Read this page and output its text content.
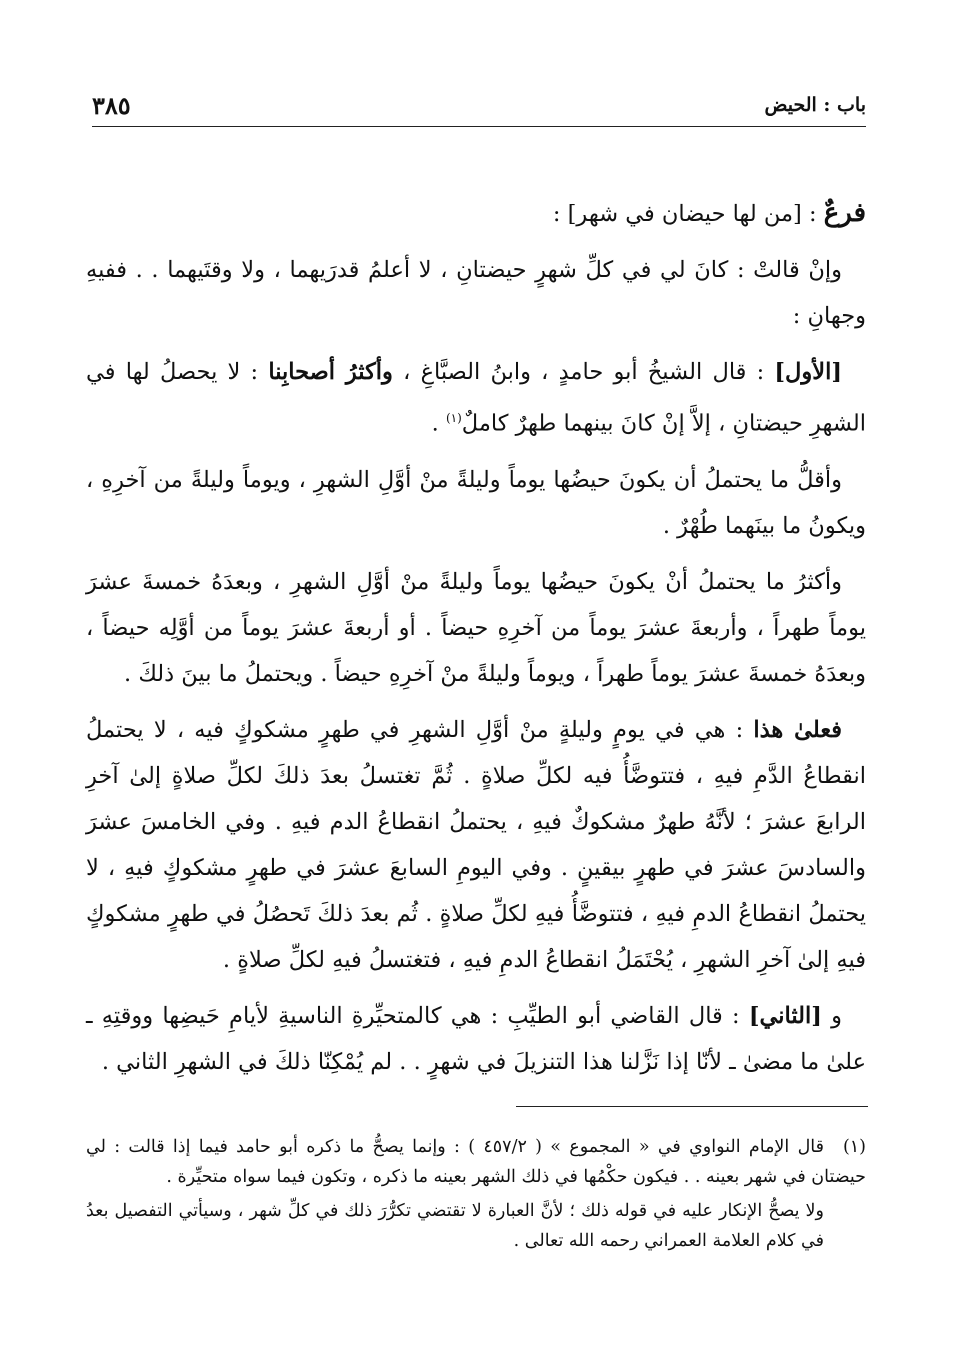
باب : الحيض
٣٨٥

فرعٌ : [من لها حيضان في شهر] :

وإنْ قالتْ : كانَ لي في كلِّ شهرٍ حيضتانِ ، لا أعلمُ قدرَيهما ، ولا وقتَيهما . . ففيهِ وجهانِ :

[الأول] : قال الشيخُ أبو حامدٍ ، وابنُ الصبَّاغِ ، وأكثرُ أصحابِنا : لا يحصلُ لها في الشهرِ حيضتانِ ، إلاَّ إنْ كانَ بينهما طهرٌ كاملٌ$^{(١)}$ .

وأقلُّ ما يحتملُ أن يكونَ حيضُها يوماً وليلةً منْ أوَّلِ الشهرِ ، ويوماً وليلةً من آخرِهِ ، ويكونُ ما بينَهما طُهْرٌ .

وأكثرُ ما يحتملُ أنْ يكونَ حيضُها يوماً وليلةً منْ أوَّلِ الشهرِ ، وبعدَهُ خمسةَ عشرَ يوماً طهراً ، وأربعةَ عشرَ يوماً من آخرِهِ حيضاً . أو أربعةَ عشرَ يوماً من أوَّلِه حيضاً ، وبعدَهُ خمسةَ عشرَ يوماً طهراً ، ويوماً وليلةً منْ آخرِهِ حيضاً . ويحتملُ ما بينَ ذلكَ .

فعلىٰ هذا : هي في يومٍ وليلةٍ منْ أوَّلِ الشهرِ في طهرٍ مشكوكٍ فيه ، لا يحتملُ انقطاعُ الدَّمِ فيهِ ، فتتوضَّأُ فيه لكلِّ صلاةٍ . ثُمَّ تغتسلُ بعدَ ذلكَ لكلِّ صلاةٍ إلىٰ آخرِ الرابعَ عشرَ ؛ لأنَّهُ طهرٌ مشكوكٌ فيهِ ، يحتملُ انقطاعُ الدم فيهِ . وفي الخامسَ عشرَ والسادسَ عشرَ في طهرٍ بيقينٍ . وفي اليومِ السابعَ عشرَ في طهرٍ مشكوكٍ فيهِ ، لا يحتملُ انقطاعُ الدمِ فيهِ ، فتتوضَّأُ فيهِ لكلِّ صلاةٍ . ثُم بعدَ ذلكَ تَحصُلُ في طهرٍ مشكوكٍ فيهِ إلىٰ آخرِ الشهرِ ، يُحْتَمَلُ انقطاعُ الدمِ فيهِ ، فتغتسلُ فيهِ لكلِّ صلاةٍ .

و [الثاني] : قال القاضي أبو الطيِّبِ : هي كالمتحيِّرةِ الناسيةِ لأيامِ حَيضِها ووقتِهِ ـ علىٰ ما مضىٰ ـ لأنّا إذا نَزَّلنا هذا التنزيلَ في شهرٍ . . لم يُمْكِنّا ذلكَ في الشهرِ الثاني .

(١)قال الإمام النواوي في « المجموع » ( ٤٥٧/٢ ) : وإنما يصحُّ ما ذكره أبو حامد فيما إذا قالت : لي حيضتان في شهر بعينه . . فيكون حكْمُها في ذلك الشهر بعينه ما ذكره ، وتكون فيما سواه متحيِّرة .

ولا يصحُّ الإنكار عليه في قوله ذلك ؛ لأنَّ العبارة لا تقتضي تكرُّرَ ذلك في كلِّ شهر ، وسيأتي التفصيل بعدُ في كلام العلامة العمراني رحمه الله تعالى .
